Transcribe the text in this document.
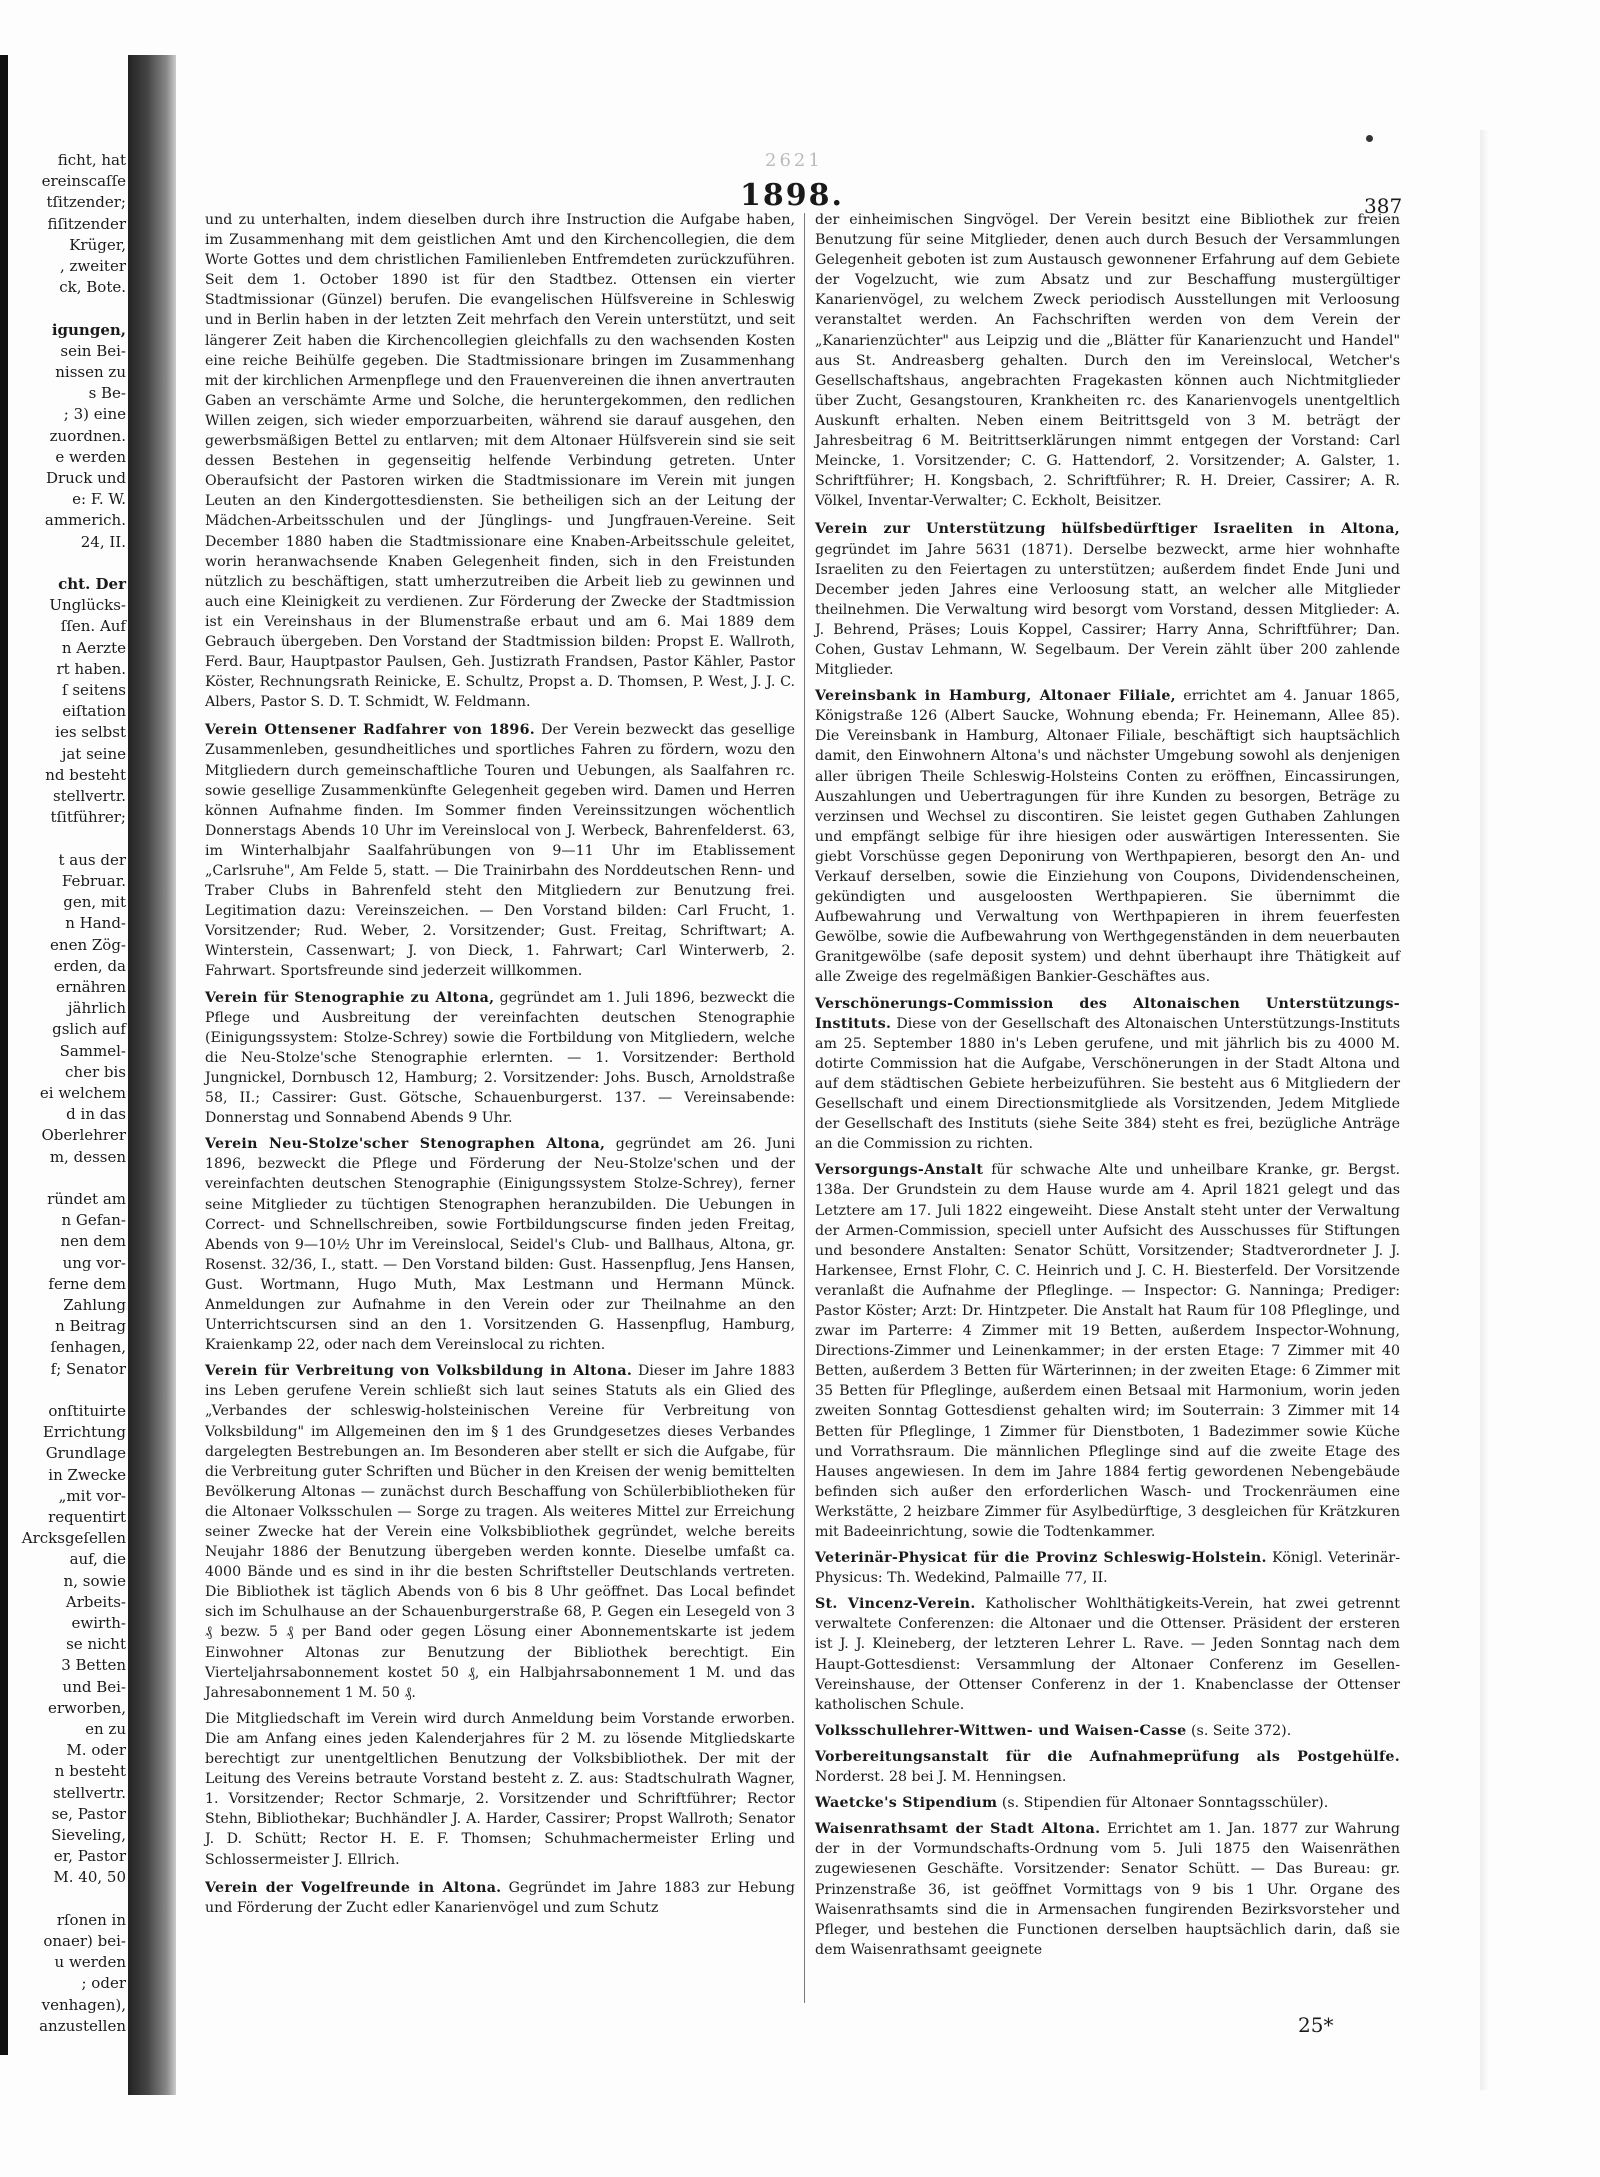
ficht, hat
ereinscaſſe
tſitzender;
fiſitzender
Krüger,
, zweiter
ck, Bote.

igungen,
sein Bei-
nissen zu
s Be-
; 3) eine
zuordnen.
e werden
Druck und
e: F. W.
ammerich.
24, II.

cht. Der
Unglücks-
ſſen. Auf
n Aerzte
rt haben.
ſ seitens
eiſtation
ies selbst
jat seine
nd besteht
stellvertr.
tſitführer;

t aus der
Februar.
gen, mit
n Hand-
enen Zög-
erden, da
ernähren
jährlich
gslich auf
Sammel-
cher bis
ei welchem
d in das
Oberlehrer
m, dessen

ründet am
n Gefan-
nen dem
ung vor-
ferne dem
Zahlung
n Beitrag
ſenhagen,
f; Senator

onſtituirte
Errichtung
Grundlage
in Zwecke
„mit vor-
requentirt
Arcksgeſellen
auf, die
n, sowie
Arbeits-
ewirth-
se nicht
3 Betten
und Bei-
erworben,
en zu
M. oder
n besteht
stellvertr.
se, Pastor
Sieveling,
er, Pastor
M. 40, 50

rſonen in
onaer) bei-
u werden
; oder
venhagen),
anzustellen
2621
1898.	387

und zu unterhalten, indem dieselben durch ihre Instruction die Aufgabe haben, im Zusammenhang mit dem geistlichen Amt und den Kirchencollegien, die dem Worte Gottes und dem christlichen Familienleben Entfremdeten zurückzuführen. Seit dem 1. October 1890 ist für den Stadtbez. Ottensen ein vierter Stadtmissionar (Günzel) berufen. Die evangelischen Hülfsvereine in Schleswig und in Berlin haben in der letzten Zeit mehrfach den Verein unterstützt, und seit längerer Zeit haben die Kirchencollegien gleichfalls zu den wachsenden Kosten eine reiche Beihülfe gegeben. Die Stadtmissionare bringen im Zusammenhang mit der kirchlichen Armenpflege und den Frauenvereinen die ihnen anvertrauten Gaben an verschämte Arme und Solche, die heruntergekommen, den redlichen Willen zeigen, sich wieder emporzuarbeiten, während sie darauf ausgehen, den gewerbsmäßigen Bettel zu entlarven; mit dem Altonaer Hülfsverein sind sie seit dessen Bestehen in gegenseitig helfende Verbindung getreten. Unter Oberaufsicht der Pastoren wirken die Stadtmissionare im Verein mit jungen Leuten an den Kindergottesdiensten. Sie betheiligen sich an der Leitung der Mädchen-Arbeitsschulen und der Jünglings- und Jungfrauen-Vereine. Seit December 1880 haben die Stadtmissionare eine Knaben-Arbeitsschule geleitet, worin heranwachsende Knaben Gelegenheit finden, sich in den Freistunden nützlich zu beschäftigen, statt umherzutreiben die Arbeit lieb zu gewinnen und auch eine Kleinigkeit zu verdienen. Zur Förderung der Zwecke der Stadtmission ist ein Vereinshaus in der Blumenstraße erbaut und am 6. Mai 1889 dem Gebrauch übergeben. Den Vorstand der Stadtmission bilden: Propst E. Wallroth, Ferd. Baur, Hauptpastor Paulsen, Geh. Justizrath Frandsen, Pastor Kähler, Pastor Köster, Rechnungsrath Reinicke, E. Schultz, Propst a. D. Thomsen, P. West, J. J. C. Albers, Pastor S. D. T. Schmidt, W. Feldmann.

Verein Ottensener Radfahrer von 1896. Der Verein bezweckt das gesellige Zusammenleben, gesundheitliches und sportliches Fahren zu fördern, wozu den Mitgliedern durch gemeinschaftliche Touren und Uebungen, als Saalfahren rc. sowie gesellige Zusammenkünfte Gelegenheit gegeben wird. Damen und Herren können Aufnahme finden. Im Sommer finden Vereinssitzungen wöchentlich Donnerstags Abends 10 Uhr im Vereinslocal von J. Werbeck, Bahrenfelderst. 63, im Winterhalbjahr Saalfahrübungen von 9—11 Uhr im Etablissement „Carlsruhe", Am Felde 5, statt. — Die Trainirbahn des Norddeutschen Renn- und Traber Clubs in Bahrenfeld steht den Mitgliedern zur Benutzung frei. Legitimation dazu: Vereinszeichen. — Den Vorstand bilden: Carl Frucht, 1. Vorsitzender; Rud. Weber, 2. Vorsitzender; Gust. Freitag, Schriftwart; A. Winterstein, Cassenwart; J. von Dieck, 1. Fahrwart; Carl Winterwerb, 2. Fahrwart. Sportsfreunde sind jederzeit willkommen.

Verein für Stenographie zu Altona, gegründet am 1. Juli 1896, bezweckt die Pflege und Ausbreitung der vereinfachten deutschen Stenographie (Einigungssystem: Stolze-Schrey) sowie die Fortbildung von Mitgliedern, welche die Neu-Stolze'sche Stenographie erlernten. — 1. Vorsitzender: Berthold Jungnickel, Dornbusch 12, Hamburg; 2. Vorsitzender: Johs. Busch, Arnoldstraße 58, II.; Cassirer: Gust. Götsche, Schauenburgerst. 137. — Vereinsabende: Donnerstag und Sonnabend Abends 9 Uhr.

Verein Neu-Stolze'scher Stenographen Altona, gegründet am 26. Juni 1896, bezweckt die Pflege und Förderung der Neu-Stolze'schen und der vereinfachten deutschen Stenographie (Einigungssystem Stolze-Schrey), ferner seine Mitglieder zu tüchtigen Stenographen heranzubilden. Die Uebungen in Correct- und Schnellschreiben, sowie Fortbildungscurse finden jeden Freitag, Abends von 9—10½ Uhr im Vereinslocal, Seidel's Club- und Ballhaus, Altona, gr. Rosenst. 32/36, I., statt. — Den Vorstand bilden: Gust. Hassenpflug, Jens Hansen, Gust. Wortmann, Hugo Muth, Max Lestmann und Hermann Münck. Anmeldungen zur Aufnahme in den Verein oder zur Theilnahme an den Unterrichtscursen sind an den 1. Vorsitzenden G. Hassenpflug, Hamburg, Kraienkamp 22, oder nach dem Vereinslocal zu richten.

Verein für Verbreitung von Volksbildung in Altona. Dieser im Jahre 1883 ins Leben gerufene Verein schließt sich laut seines Statuts als ein Glied des „Verbandes der schleswig-holsteinischen Vereine für Verbreitung von Volksbildung" im Allgemeinen den im § 1 des Grundgesetzes dieses Verbandes dargelegten Bestrebungen an. Im Besonderen aber stellt er sich die Aufgabe, für die Verbreitung guter Schriften und Bücher in den Kreisen der wenig bemittelten Bevölkerung Altonas — zunächst durch Beschaffung von Schülerbibliotheken für die Altonaer Volksschulen — Sorge zu tragen. Als weiteres Mittel zur Erreichung seiner Zwecke hat der Verein eine Volksbibliothek gegründet, welche bereits Neujahr 1886 der Benutzung übergeben werden konnte. Dieselbe umfaßt ca. 4000 Bände und es sind in ihr die besten Schriftsteller Deutschlands vertreten. Die Bibliothek ist täglich Abends von 6 bis 8 Uhr geöffnet. Das Local befindet sich im Schulhause an der Schauenburgerstraße 68, P. Gegen ein Lesegeld von 3 ₰ bezw. 5 ₰ per Band oder gegen Lösung einer Abonnementskarte ist jedem Einwohner Altonas zur Benutzung der Bibliothek berechtigt. Ein Vierteljahrsabonnement kostet 50 ₰, ein Halbjahrsabonnement 1 M. und das Jahresabonnement 1 M. 50 ₰.

Die Mitgliedschaft im Verein wird durch Anmeldung beim Vorstande erworben. Die am Anfang eines jeden Kalenderjahres für 2 M. zu lösende Mitgliedskarte berechtigt zur unentgeltlichen Benutzung der Volksbibliothek. Der mit der Leitung des Vereins betraute Vorstand besteht z. Z. aus: Stadtschulrath Wagner, 1. Vorsitzender; Rector Schmarje, 2. Vorsitzender und Schriftführer; Rector Stehn, Bibliothekar; Buchhändler J. A. Harder, Cassirer; Propst Wallroth; Senator J. D. Schütt; Rector H. E. F. Thomsen; Schuhmachermeister Erling und Schlossermeister J. Ellrich.

Verein der Vogelfreunde in Altona. Gegründet im Jahre 1883 zur Hebung und Förderung der Zucht edler Kanarienvögel und zum Schutz

der einheimischen Singvögel. Der Verein besitzt eine Bibliothek zur freien Benutzung für seine Mitglieder, denen auch durch Besuch der Versammlungen Gelegenheit geboten ist zum Austausch gewonnener Erfahrung auf dem Gebiete der Vogelzucht, wie zum Absatz und zur Beschaffung mustergültiger Kanarienvögel, zu welchem Zweck periodisch Ausstellungen mit Verloosung veranstaltet werden. An Fachschriften werden von dem Verein der „Kanarienzüchter" aus Leipzig und die „Blätter für Kanarienzucht und Handel" aus St. Andreasberg gehalten. Durch den im Vereinslocal, Wetcher's Gesellschaftshaus, angebrachten Fragekasten können auch Nichtmitglieder über Zucht, Gesangstouren, Krankheiten rc. des Kanarienvogels unentgeltlich Auskunft erhalten. Neben einem Beitrittsgeld von 3 M. beträgt der Jahresbeitrag 6 M. Beitrittserklärungen nimmt entgegen der Vorstand: Carl Meincke, 1. Vorsitzender; C. G. Hattendorf, 2. Vorsitzender; A. Galster, 1. Schriftführer; H. Kongsbach, 2. Schriftführer; R. H. Dreier, Cassirer; A. R. Völkel, Inventar-Verwalter; C. Eckholt, Beisitzer.

Verein zur Unterstützung hülfsbedürftiger Israeliten in Altona, gegründet im Jahre 5631 (1871). Derselbe bezweckt, arme hier wohnhafte Israeliten zu den Feiertagen zu unterstützen; außerdem findet Ende Juni und December jeden Jahres eine Verloosung statt, an welcher alle Mitglieder theilnehmen. Die Verwaltung wird besorgt vom Vorstand, dessen Mitglieder: A. J. Behrend, Präses; Louis Koppel, Cassirer; Harry Anna, Schriftführer; Dan. Cohen, Gustav Lehmann, W. Segelbaum. Der Verein zählt über 200 zahlende Mitglieder.

Vereinsbank in Hamburg, Altonaer Filiale, errichtet am 4. Januar 1865, Königstraße 126 (Albert Saucke, Wohnung ebenda; Fr. Heinemann, Allee 85). Die Vereinsbank in Hamburg, Altonaer Filiale, beschäftigt sich hauptsächlich damit, den Einwohnern Altona's und nächster Umgebung sowohl als denjenigen aller übrigen Theile Schleswig-Holsteins Conten zu eröffnen, Eincassirungen, Auszahlungen und Uebertragungen für ihre Kunden zu besorgen, Beträge zu verzinsen und Wechsel zu discontiren. Sie leistet gegen Guthaben Zahlungen und empfängt selbige für ihre hiesigen oder auswärtigen Interessenten. Sie giebt Vorschüsse gegen Deponirung von Werthpapieren, besorgt den An- und Verkauf derselben, sowie die Einziehung von Coupons, Dividendenscheinen, gekündigten und ausgeloosten Werthpapieren. Sie übernimmt die Aufbewahrung und Verwaltung von Werthpapieren in ihrem feuerfesten Gewölbe, sowie die Aufbewahrung von Werthgegenständen in dem neuerbauten Granitgewölbe (safe deposit system) und dehnt überhaupt ihre Thätigkeit auf alle Zweige des regelmäßigen Bankier-Geschäftes aus.

Verschönerungs-Commission des Altonaischen Unterstützungs-Instituts. Diese von der Gesellschaft des Altonaischen Unterstützungs-Instituts am 25. September 1880 in's Leben gerufene, und mit jährlich bis zu 4000 M. dotirte Commission hat die Aufgabe, Verschönerungen in der Stadt Altona und auf dem städtischen Gebiete herbeizuführen. Sie besteht aus 6 Mitgliedern der Gesellschaft und einem Directionsmitgliede als Vorsitzenden, Jedem Mitgliede der Gesellschaft des Instituts (siehe Seite 384) steht es frei, bezügliche Anträge an die Commission zu richten.

Versorgungs-Anstalt für schwache Alte und unheilbare Kranke, gr. Bergst. 138a. Der Grundstein zu dem Hause wurde am 4. April 1821 gelegt und das Letztere am 17. Juli 1822 eingeweiht. Diese Anstalt steht unter der Verwaltung der Armen-Commission, speciell unter Aufsicht des Ausschusses für Stiftungen und besondere Anstalten: Senator Schütt, Vorsitzender; Stadtverordneter J. J. Harkensee, Ernst Flohr, C. C. Heinrich und J. C. H. Biesterfeld. Der Vorsitzende veranlaßt die Aufnahme der Pfleglinge. — Inspector: G. Nanninga; Prediger: Pastor Köster; Arzt: Dr. Hintzpeter. Die Anstalt hat Raum für 108 Pfleglinge, und zwar im Parterre: 4 Zimmer mit 19 Betten, außerdem Inspector-Wohnung, Directions-Zimmer und Leinenkammer; in der ersten Etage: 7 Zimmer mit 40 Betten, außerdem 3 Betten für Wärterinnen; in der zweiten Etage: 6 Zimmer mit 35 Betten für Pfleglinge, außerdem einen Betsaal mit Harmonium, worin jeden zweiten Sonntag Gottesdienst gehalten wird; im Souterrain: 3 Zimmer mit 14 Betten für Pfleglinge, 1 Zimmer für Dienstboten, 1 Badezimmer sowie Küche und Vorrathsraum. Die männlichen Pfleglinge sind auf die zweite Etage des Hauses angewiesen. In dem im Jahre 1884 fertig gewordenen Nebengebäude befinden sich außer den erforderlichen Wasch- und Trockenräumen eine Werkstätte, 2 heizbare Zimmer für Asylbedürftige, 3 desgleichen für Krätzkuren mit Badeeinrichtung, sowie die Todtenkammer.

Veterinär-Physicat für die Provinz Schleswig-Holstein. Königl. Veterinär-Physicus: Th. Wedekind, Palmaille 77, II.

St. Vincenz-Verein. Katholischer Wohlthätigkeits-Verein, hat zwei getrennt verwaltete Conferenzen: die Altonaer und die Ottenser. Präsident der ersteren ist J. J. Kleineberg, der letzteren Lehrer L. Rave. — Jeden Sonntag nach dem Haupt-Gottesdienst: Versammlung der Altonaer Conferenz im Gesellen-Vereinshause, der Ottenser Conferenz in der 1. Knabenclasse der Ottenser katholischen Schule.

Volksschullehrer-Wittwen- und Waisen-Casse (s. Seite 372).

Vorbereitungsanstalt für die Aufnahmeprüfung als Postgehülfe. Norderst. 28 bei J. M. Henningsen.

Waetcke's Stipendium (s. Stipendien für Altonaer Sonntagsschüler).

Waisenrathsamt der Stadt Altona. Errichtet am 1. Jan. 1877 zur Wahrung der in der Vormundschafts-Ordnung vom 5. Juli 1875 den Waisenräthen zugewiesenen Geschäfte. Vorsitzender: Senator Schütt. — Das Bureau: gr. Prinzenstraße 36, ist geöffnet Vormittags von 9 bis 1 Uhr. Organe des Waisenrathsamts sind die in Armensachen fungirenden Bezirksvorsteher und Pfleger, und bestehen die Functionen derselben hauptsächlich darin, daß sie dem Waisenrathsamt geeignete

25*
